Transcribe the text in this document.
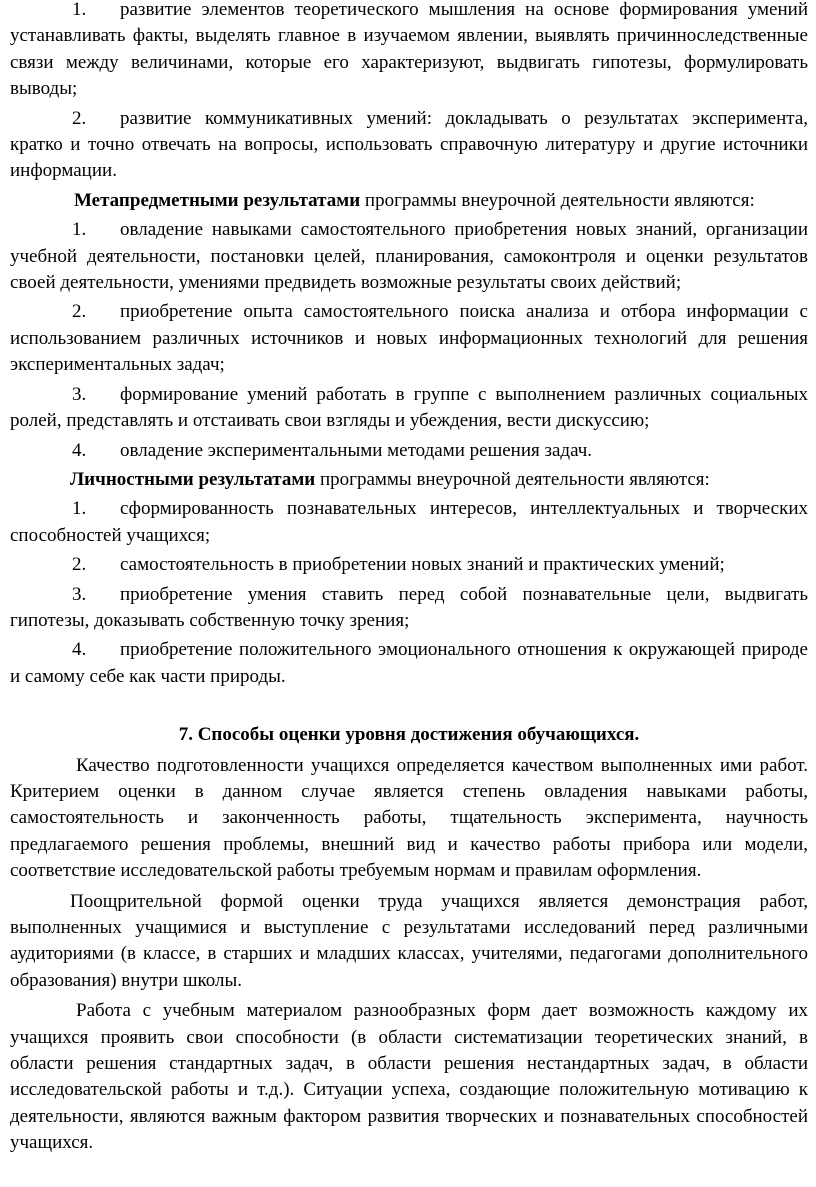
1. развитие элементов теоретического мышления на основе формирования умений устанавливать факты, выделять главное в изучаемом явлении, выявлять причинноследственные связи между величинами, которые его характеризуют, выдвигать гипотезы, формулировать выводы;

2. развитие коммуникативных умений: докладывать о результатах эксперимента, кратко и точно отвечать на вопросы, использовать справочную литературу и другие источники информации.

Метапредметными результатами программы внеурочной деятельности являются:

1. овладение навыками самостоятельного приобретения новых знаний, организации учебной деятельности, постановки целей, планирования, самоконтроля и оценки результатов своей деятельности, умениями предвидеть возможные результаты своих действий;

2. приобретение опыта самостоятельного поиска анализа и отбора информации с использованием различных источников и новых информационных технологий для решения экспериментальных задач;

3. формирование умений работать в группе с выполнением различных социальных ролей, представлять и отстаивать свои взгляды и убеждения, вести дискуссию;

4. овладение экспериментальными методами решения задач.

Личностными результатами программы внеурочной деятельности являются:

1. сформированность познавательных интересов, интеллектуальных и творческих способностей учащихся;

2. самостоятельность в приобретении новых знаний и практических умений;

3. приобретение умения ставить перед собой познавательные цели, выдвигать гипотезы, доказывать собственную точку зрения;

4. приобретение положительного эмоционального отношения к окружающей природе и самому себе как части природы.

7. Способы оценки уровня достижения обучающихся.

Качество подготовленности учащихся определяется качеством выполненных ими работ. Критерием оценки в данном случае является степень овладения навыками работы, самостоятельность и законченность работы, тщательность эксперимента, научность предлагаемого решения проблемы, внешний вид и качество работы прибора или модели, соответствие исследовательской работы требуемым нормам и правилам оформления.

Поощрительной формой оценки труда учащихся является демонстрация работ, выполненных учащимися и выступление с результатами исследований перед различными аудиториями (в классе, в старших и младших классах, учителями, педагогами дополнительного образования) внутри школы.

Работа с учебным материалом разнообразных форм дает возможность каждому их учащихся проявить свои способности (в области систематизации теоретических знаний, в области решения стандартных задач, в области решения нестандартных задач, в области исследовательской работы и т.д.). Ситуации успеха, создающие положительную мотивацию к деятельности, являются важным фактором развития творческих и познавательных способностей учащихся.
